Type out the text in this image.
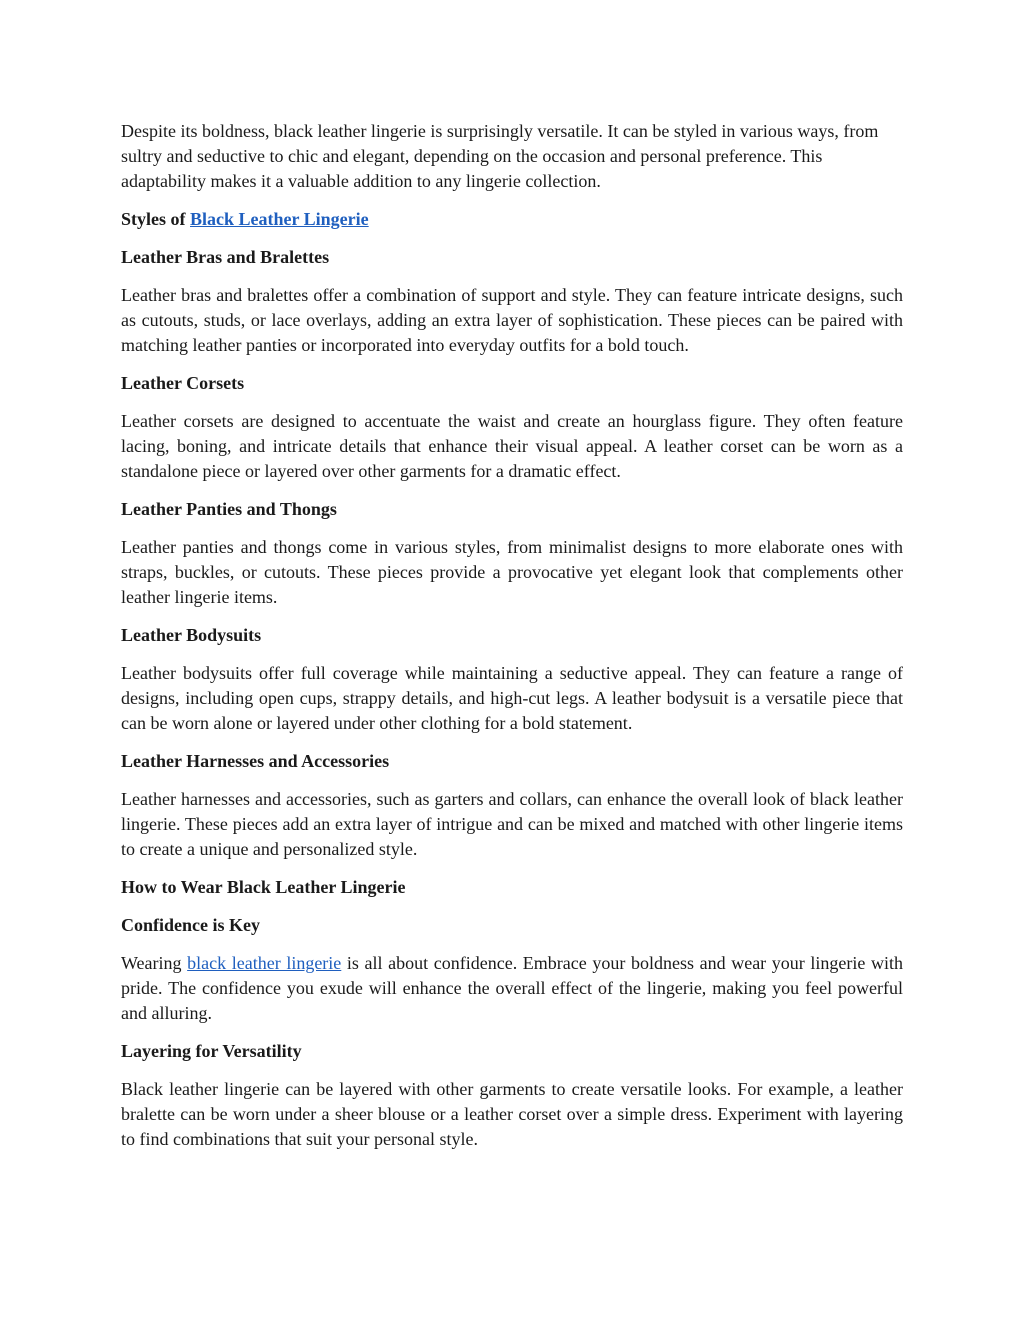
Despite its boldness, black leather lingerie is surprisingly versatile. It can be styled in various ways, from sultry and seductive to chic and elegant, depending on the occasion and personal preference. This adaptability makes it a valuable addition to any lingerie collection.

Styles of Black Leather Lingerie

Leather Bras and Bralettes

Leather bras and bralettes offer a combination of support and style. They can feature intricate designs, such as cutouts, studs, or lace overlays, adding an extra layer of sophistication. These pieces can be paired with matching leather panties or incorporated into everyday outfits for a bold touch.

Leather Corsets

Leather corsets are designed to accentuate the waist and create an hourglass figure. They often feature lacing, boning, and intricate details that enhance their visual appeal. A leather corset can be worn as a standalone piece or layered over other garments for a dramatic effect.

Leather Panties and Thongs

Leather panties and thongs come in various styles, from minimalist designs to more elaborate ones with straps, buckles, or cutouts. These pieces provide a provocative yet elegant look that complements other leather lingerie items.

Leather Bodysuits

Leather bodysuits offer full coverage while maintaining a seductive appeal. They can feature a range of designs, including open cups, strappy details, and high-cut legs. A leather bodysuit is a versatile piece that can be worn alone or layered under other clothing for a bold statement.

Leather Harnesses and Accessories

Leather harnesses and accessories, such as garters and collars, can enhance the overall look of black leather lingerie. These pieces add an extra layer of intrigue and can be mixed and matched with other lingerie items to create a unique and personalized style.

How to Wear Black Leather Lingerie

Confidence is Key

Wearing black leather lingerie is all about confidence. Embrace your boldness and wear your lingerie with pride. The confidence you exude will enhance the overall effect of the lingerie, making you feel powerful and alluring.

Layering for Versatility

Black leather lingerie can be layered with other garments to create versatile looks. For example, a leather bralette can be worn under a sheer blouse or a leather corset over a simple dress. Experiment with layering to find combinations that suit your personal style.
